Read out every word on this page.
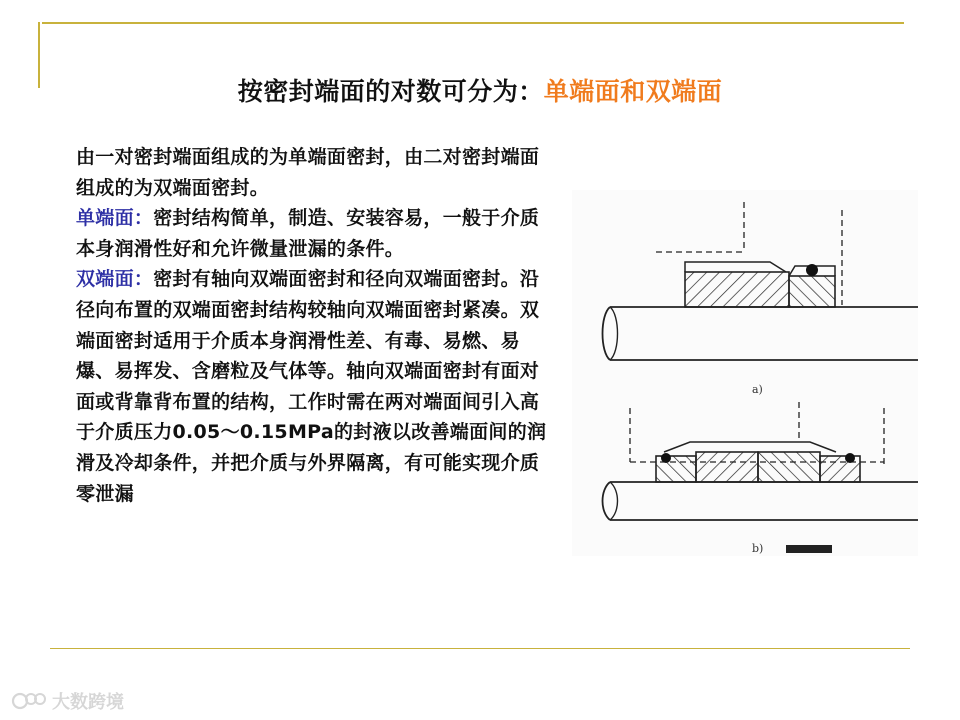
按密封端面的对数可分为：单端面和双端面

由一对密封端面组成的为单端面密封，由二对密封端面组成的为双端面密封。

单端面：密封结构简单，制造、安装容易，一般于介质本身润滑性好和允许微量泄漏的条件。

双端面：密封有轴向双端面密封和径向双端面密封。沿径向布置的双端面密封结构较轴向双端面密封紧凑。双端面密封适用于介质本身润滑性差、有毒、易燃、易爆、易挥发、含磨粒及气体等。轴向双端面密封有面对面或背靠背布置的结构，工作时需在两对端面间引入高于介质压力0.05～0.15MPa的封液以改善端面间的润滑及冷却条件，并把介质与外界隔离，有可能实现介质零泄漏

a)
b)
大数跨境
